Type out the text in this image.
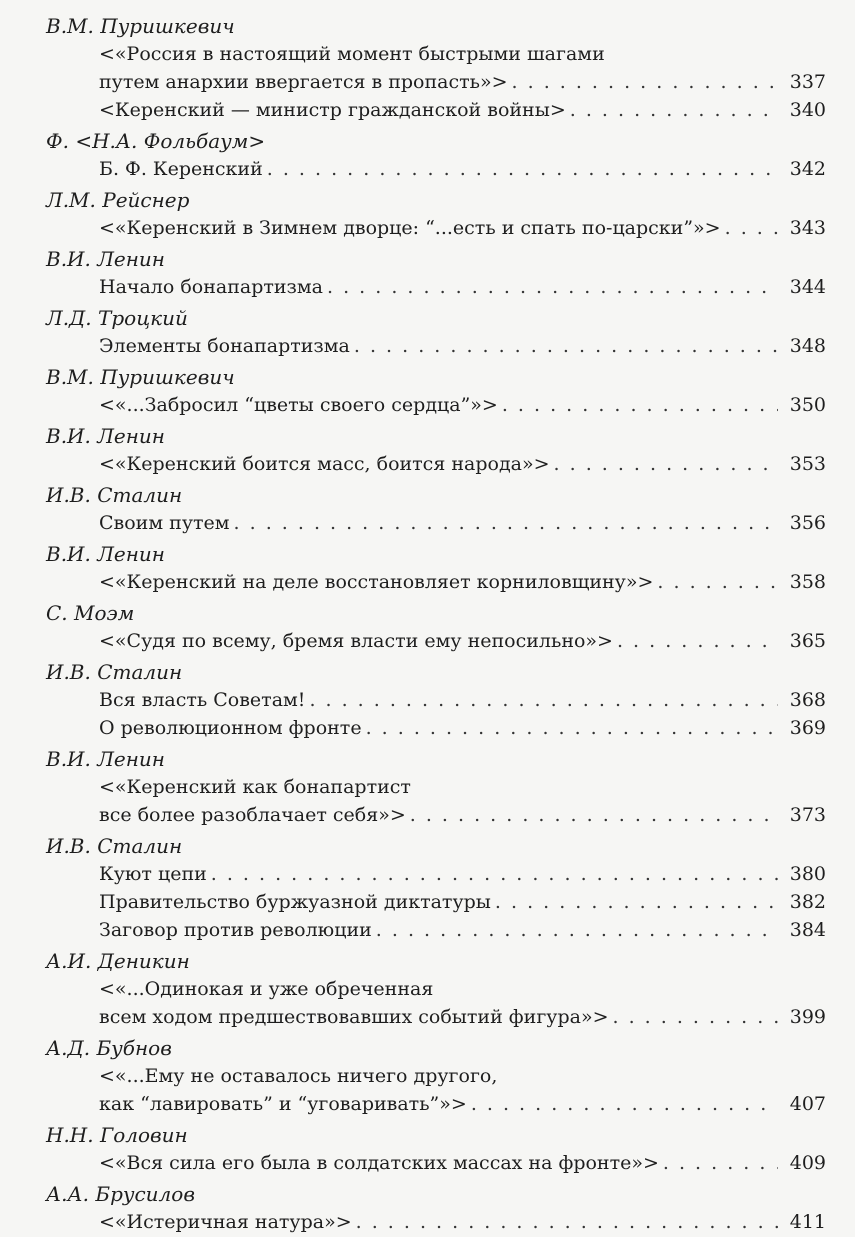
В.М. Пуришкевич
<«Россия в настоящий момент быстрыми шагами
путем анархии ввергается в пропасть»> . . .	337
<Керенский — министр гражданской войны> . . .	340
Ф. <Н.А. Фольбаум>
Б. Ф. Керенский . . .	342
Л.М. Рейснер
<«Керенский в Зимнем дворце: “...есть и спать по-царски”»> . . .	343
В.И. Ленин
Начало бонапартизма . . .	344
Л.Д. Троцкий
Элементы бонапартизма . . .	348
В.М. Пуришкевич
<«...Забросил “цветы своего сердца”»> . . .	350
В.И. Ленин
<«Керенский боится масс, боится народа»> . . .	353
И.В. Сталин
Своим путем . . .	356
В.И. Ленин
<«Керенский на деле восстановляет корниловщину»> . . .	358
С. Моэм
<«Судя по всему, бремя власти ему непосильно»> . . .	365
И.В. Сталин
Вся власть Советам! . . .	368
О революционном фронте . . .	369
В.И. Ленин
<«Керенский как бонапартист
все более разоблачает себя»> . . .	373
И.В. Сталин
Куют цепи . . .	380
Правительство буржуазной диктатуры . . .	382
Заговор против революции . . .	384
А.И. Деникин
<«...Одинокая и уже обреченная
всем ходом предшествовавших событий фигура»> . . .	399
А.Д. Бубнов
<«...Ему не оставалось ничего другого,
как “лавировать” и “уговаривать”»> . . .	407
Н.Н. Головин
<«Вся сила его была в солдатских массах на фронте»> . . .	409
А.А. Брусилов
<«Истеричная натура»> . . .	411
